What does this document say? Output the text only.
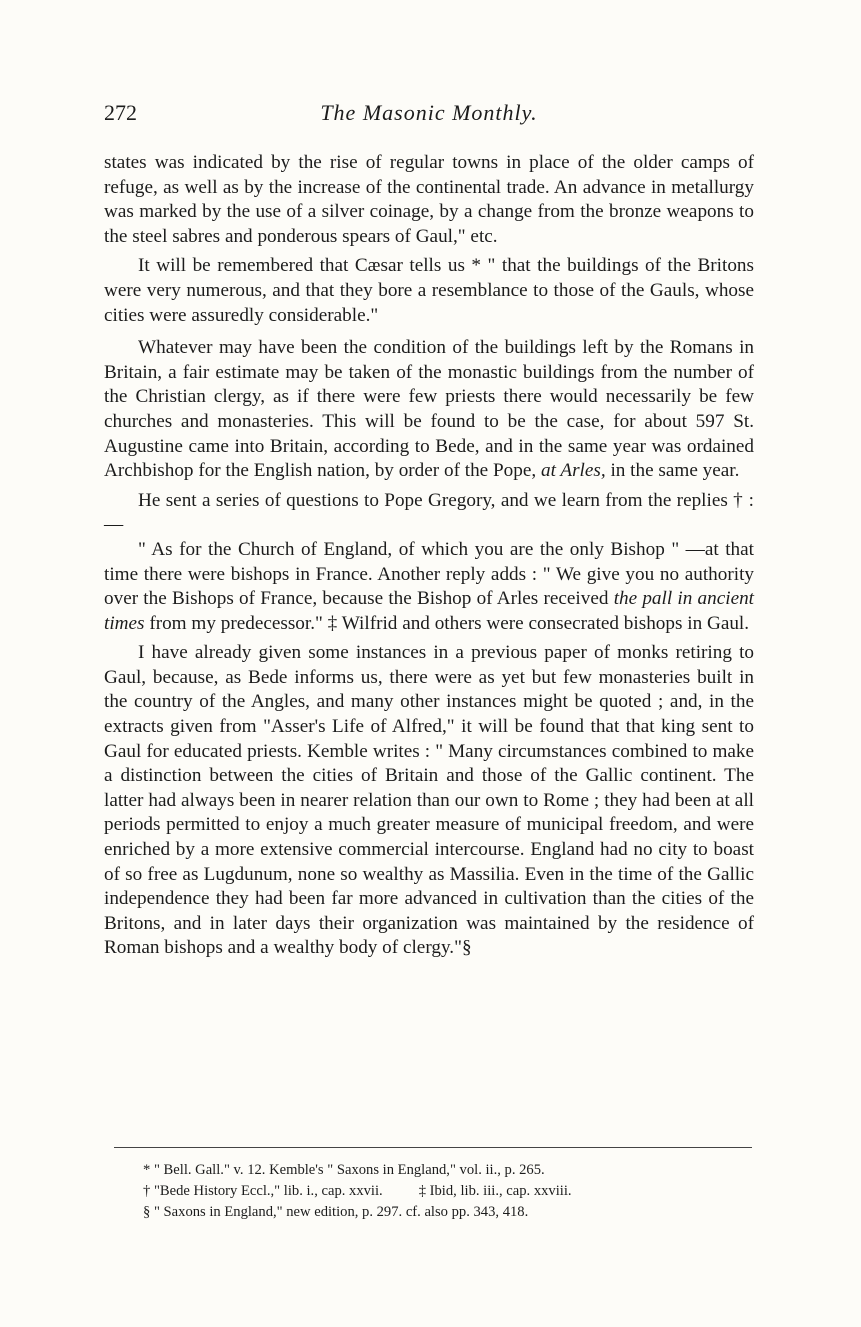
272	The Masonic Monthly.

states was indicated by the rise of regular towns in place of the older camps of refuge, as well as by the increase of the continental trade. An advance in metallurgy was marked by the use of a silver coinage, by a change from the bronze weapons to the steel sabres and ponderous spears of Gaul," etc.

It will be remembered that Cæsar tells us * " that the buildings of the Britons were very numerous, and that they bore a resemblance to those of the Gauls, whose cities were assuredly considerable."

Whatever may have been the condition of the buildings left by the Romans in Britain, a fair estimate may be taken of the monastic buildings from the number of the Christian clergy, as if there were few priests there would necessarily be few churches and monasteries. This will be found to be the case, for about 597 St. Augustine came into Britain, according to Bede, and in the same year was ordained Archbishop for the English nation, by order of the Pope, at Arles, in the same year.

He sent a series of questions to Pope Gregory, and we learn from the replies † :—

" As for the Church of England, of which you are the only Bishop " —at that time there were bishops in France. Another reply adds : " We give you no authority over the Bishops of France, because the Bishop of Arles received the pall in ancient times from my predecessor." ‡ Wilfrid and others were consecrated bishops in Gaul.

I have already given some instances in a previous paper of monks retiring to Gaul, because, as Bede informs us, there were as yet but few monasteries built in the country of the Angles, and many other instances might be quoted ; and, in the extracts given from "Asser's Life of Alfred," it will be found that that king sent to Gaul for educated priests. Kemble writes : " Many circumstances combined to make a distinction between the cities of Britain and those of the Gallic continent. The latter had always been in nearer relation than our own to Rome ; they had been at all periods permitted to enjoy a much greater measure of municipal freedom, and were enriched by a more extensive commercial intercourse. England had no city to boast of so free as Lugdunum, none so wealthy as Massilia. Even in the time of the Gallic independence they had been far more advanced in cultivation than the cities of the Britons, and in later days their organization was maintained by the residence of Roman bishops and a wealthy body of clergy."§

* " Bell. Gall." v. 12. Kemble's " Saxons in England," vol. ii., p. 265.
† "Bede History Eccl.," lib. i., cap. xxvii. ‡ Ibid, lib. iii., cap. xxviii.
§ " Saxons in England," new edition, p. 297. cf. also pp. 343, 418.
